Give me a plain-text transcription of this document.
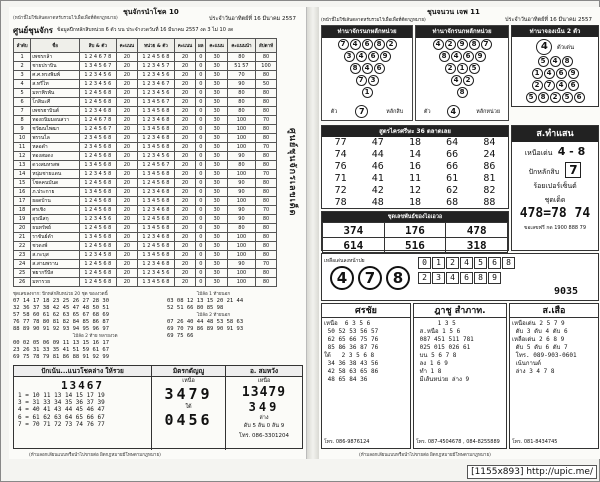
(หน้านี้ไม่ใช้เส้นตลาดหรับรวมไว้เผื่อเพื่อที่ดีตกฎหมาย)
ชุนจักรนำโชค 10
ประจำวันอาทิตย์ที่ 16 มีนาคม 2557
ศูนย์ชุนจักร ข้อมูลปีกหลักสิบหน่วย 6 ตัว บน ประจำงวดวันที่ 16 มีนาคม 2557 งด 3 ไม่ 10 งด
ลำดับ	ชื่อ	สิบ & ตัว	คะแนน	หน่วย & ตัว	คะแนน	ผล	คะแนน	คะแนนนำ	สัปดาห์
1	เพชรกล้า	1 2 4 6 7 8	20	1 2 4 5 6 8	20	0	30	80	80
2	ชายปราบิน	1 3 4 5 6 7	20	1 2 3 4 5 7	20	0	30	51 57	100
3	ศ.ศ.ทรงพิมพ์	1 2 3 4 5 6	20	1 2 3 4 5 6	20	0	30	70	80
4	ส.ทรีไท	1 2 3 4 5 6	20	1 2 3 4 6 7	20	0	30	90	50
5	มหาพิรพัน	1 2 4 5 6 8	20	1 2 3 4 5 6	20	0	30	80	80
6	โกสิมะศี	1 2 4 5 6 8	20	1 3 4 5 6 7	20	0	30	80	80
7	เพชรฮาบินต์	1 2 3 4 6 8	20	1 3 4 5 6 8	20	0	30	80	80
8	ทองถนิมมอนสวา	1 2 4 6 7 8	20	1 2 3 4 6 8	20	0	30	100	70
9	ชวัฒนไพฒา	1 2 4 5 6 7	20	1 3 4 5 6 8	20	0	30	100	80
10	พรรนไล	2 3 4 5 6 8	20	1 2 3 4 6 8	20	0	30	100	80
11	หลอดำ	2 3 4 5 6 8	20	1 3 4 5 6 8	20	0	30	100	70
12	ทองสมดง	1 2 4 5 6 8	20	1 2 3 4 5 6	20	0	30	90	80
13	ดวงสมหรสพ	1 3 4 5 6 8	20	1 2 4 5 6 7	20	0	30	80	80
14	หนุ่มชายแดน	1 2 3 4 5 8	20	1 3 4 5 6 8	20	0	30	100	70
15	โชคคนบันด	1 2 4 5 6 8	20	1 2 4 5 6 8	20	0	30	90	80
16	ภ.ประกาย	1 3 4 5 6 8	20	1 2 3 4 6 8	20	0	30	90	80
17	ยอดบ้าน	1 2 4 5 6 8	20	1 3 4 5 6 8	20	0	30	100	80
18	ศรเชิง	1 2 4 5 6 8	20	1 2 3 4 6 8	20	0	30	90	70
19	อุรณีสกุ	1 2 3 4 5 6	20	1 2 4 5 6 8	20	0	30	90	80
20	ธนทรัพย์	1 2 4 5 6 8	20	1 3 4 5 6 8	20	0	30	80	80
21	ราชันย์ดำ	1 3 4 5 6 8	20	1 2 3 4 6 8	20	0	30	100	80
22	ชวดงพ์	1 2 4 5 6 8	20	1 2 4 5 6 8	20	0	30	100	80
23	ส.กะบุส	1 2 3 4 5 8	20	1 3 4 5 6 8	20	0	30	100	80
24	ส.สามพราน	1 2 4 5 6 8	20	1 2 3 4 6 8	20	0	30	90	70
25	พยากรีปัส	1 2 4 5 6 8	20	1 2 3 4 5 6	20	0	30	100	80
26	มหารวย	1 2 4 5 6 8	20	1 3 4 5 6 8	20	0	30	100	80
ศูนย์ชุนจักรเลขเด็ด
ชุดเลขลงจาก: ปีกหลักสิบหน่วย 20 ชุด ของงวดนี้
07 14 17 18 23 25 26 27 28 30
32 36 37 38 42 45 47 48 50 51
57 58 60 61 62 63 65 67 68 69
76 77 78 80 81 82 84 85 86 87
88 89 90 91 92 93 94 95 96 97
ไม้ล้อ 2 ท้าย หลายงวด
00 02 05 06 09 11 13 15 16 17
23 26 31 33 35 41 51 59 61 67
69 75 78 79 81 86 88 91 92 99
ไม้ล้อ 1 ท้ายนอก
03 08 12 13 15 20 21 44
52 51 66 80 85 98
ไม้ล้อ 2 ท้ายนอก
07 26 40 44 48 53 58 63
69 70 79 86 89 90 91 93
69 75 66
ปักเน้น...แนวโชคล่าง ให้รวย
13467
1 = 10 11 13 14 15 17 19
3 = 31 33 34 35 36 37 39
4 = 40 41 43 44 45 46 47
6 = 61 62 63 64 65 66 67
7 = 70 71 72 73 74 76 77
มิตรกตัญญู
เหนือ
3479
ใต้
0456
อ. สมหวัง
เหนือ
13479
349
ล่าง
ดับ 5 ลัน 0 ลัน 9
โทร. 086-3301204
(ห้ามลอกเลียนแบบหรือนำไปขายต่อ ผิดกฎหมายมีโทษตามกฎหมาย)
(หน้านี้ไม่ใช้เส้นตลาดหรับรวมไว้เผื่อเพื่อที่ดีตกฎหมาย)
ชุนจนวน เจพ 11
ประจำวันอาทิตย์ที่ 16 มีนาคม 2557
ท่านาจักรนกหลักหน่วย
7	4	6	8	2
3	4	6	9
8	4	6
7	3
1
ตัว	7	หลักสิบ
ท่านาจักรนกหลักหน่วย
4	2	9	8	7
8	4	6	9
2	1	5
4	2
8
ตัว	4	หลักหน่วย
ท่านาจองเน้น 2 ตัว
4	ตัวเด่น
5	4	8
1	4	6	9
2	7	4	6
5	8	2	5	6
สูตรไครศรีษะ 36 ตลาดเลย
77	47	18	64	84
74	44	14	66	24
76	46	16	66	86
71	41	11	61	81
72	42	12	62	82
78	48	18	68	88
ชุดเลขพันธ์ของไอเอวอ
374	176	478
614	516	318
ส.ทำแสน
เหนือเด่น 4 - 8
ปักหลักสิบ 7
ร้อยเปอร์เซ็นต์
ชุดเด็ด
478=78 74
ขอเลขฟรี กด 1900 888 79
เหลือเด่นลงหน้าปย
4	7	8
0	1	2	4	5	6	8
2	3	4	6	8	9
9035
ศรชัย
เหนือ  6 3 5 6
50 52 53 56 57
62 65 66 75 76
85 86 36 87 76
ใต้   2 3 5 6 8
34 36 38 43 56
42 58 63 65 86
48 65 84 36
โทร. 086-9876124
ฎาชู สำภาท.
1 3 5
ส.หนือ 1 5 6
087 451 511 781
025 015 026 61
บน 5 6 7 8
ลง 1 6 9
ทำ 1 8
มีเส้นหน่วย ล่าง 9
โทร. 087-4504678 , 084-8255889
ส.เสือ
เหนือเด่น 2 5 7 9
ดับ 3 ดับ 4 ดับ 6
เหลือเด่น 2 6 8 9
ดับ 5 ดับ 6 ดับ 7
โทร. 089-903-0601
เน้นกานต์
ล่าง 3 4 7 8
โทร. 081-8434745
(ห้ามลอกเลียนแบบหรือนำไปขายต่อ ผิดกฎหมายมีโทษตามกฎหมาย)
[1155x893] http://upic.me/
